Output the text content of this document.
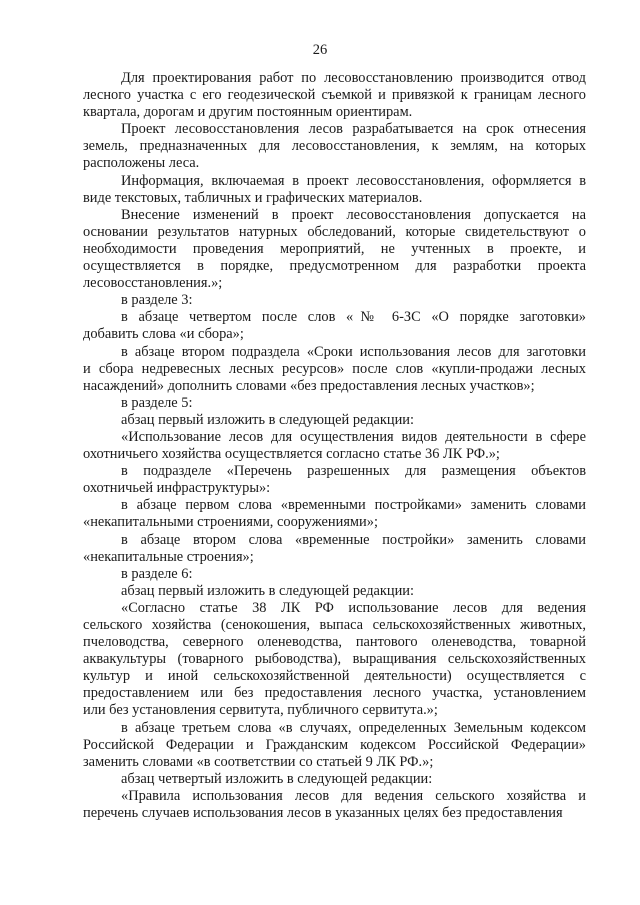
26
Для проектирования работ по лесовосстановлению производится отвод
лесного участка с его геодезической съемкой и привязкой к границам лесного
квартала, дорогам и другим постоянным ориентирам.
Проект лесовосстановления лесов разрабатывается на срок отнесения
земель, предназначенных для лесовосстановления, к землям, на которых
расположены леса.
Информация, включаемая в проект лесовосстановления, оформляется в
виде текстовых, табличных и графических материалов.
Внесение изменений в проект лесовосстановления допускается на
основании результатов натурных обследований, которые свидетельствуют о
необходимости проведения мероприятий, не учтенных в проекте, и
осуществляется в порядке, предусмотренном для разработки проекта
лесовосстановления.»;
в разделе 3:
в абзаце четвертом после слов «№ 6-ЗС «О порядке заготовки»
добавить слова «и сбора»;
в абзаце втором подраздела «Сроки использования лесов для заготовки
и сбора недревесных лесных ресурсов» после слов «купли-продажи лесных
насаждений» дополнить словами «без предоставления лесных участков»;
в разделе 5:
абзац первый изложить в следующей редакции:
«Использование лесов для осуществления видов деятельности в сфере
охотничьего хозяйства осуществляется согласно статье 36 ЛК РФ.»;
в подразделе «Перечень разрешенных для размещения объектов
охотничьей инфраструктуры»:
в абзаце первом слова «временными постройками» заменить словами
«некапитальными строениями, сооружениями»;
в абзаце втором слова «временные постройки» заменить словами
«некапитальные строения»;
в разделе 6:
абзац первый изложить в следующей редакции:
«Согласно статье 38 ЛК РФ использование лесов для ведения
сельского хозяйства (сенокошения, выпаса сельскохозяйственных животных,
пчеловодства, северного оленеводства, пантового оленеводства, товарной
аквакультуры (товарного рыбоводства), выращивания сельскохозяйственных
культур и иной сельскохозяйственной деятельности) осуществляется с
предоставлением или без предоставления лесного участка, установлением
или без установления сервитута, публичного сервитута.»;
в абзаце третьем слова «в случаях, определенных Земельным кодексом
Российской Федерации и Гражданским кодексом Российской Федерации»
заменить словами «в соответствии со статьей 9 ЛК РФ.»;
абзац четвертый изложить в следующей редакции:
«Правила использования лесов для ведения сельского хозяйства и
перечень случаев использования лесов в указанных целях без предоставления
